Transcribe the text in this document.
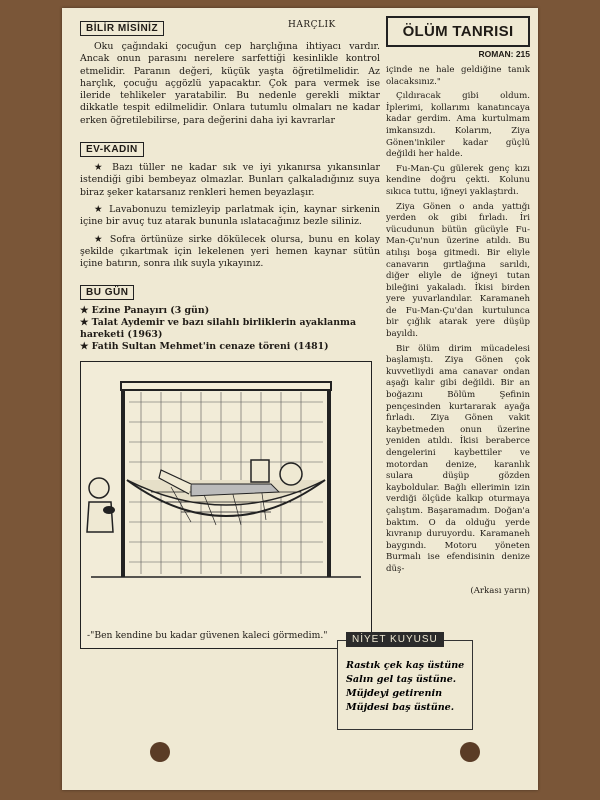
BİLİR MİSİNİZ

Oku çağındaki çocuğun cep harçlığına ihtiyacı vardır. Ancak onun parasını nerelere sarfettiği kesinlikle kontrol etmelidir. Paranın değeri, küçük yaşta öğretilmelidir. Az harçlık, çocuğu açgözlü yapacaktır. Çok para vermek ise ileride tehlikeler yaratabilir. Bu nedenle gerekli miktar dikkatle tespit edilmelidir. Onlara tutumlu olmaları ne kadar erken öğretilebilirse, para değerini daha iyi kavrarlar

EV-KADIN

★ Bazı tüller ne kadar sık ve iyi yıkanırsa yıkansınlar istendiği gibi bembeyaz olmazlar. Bunları çalkaladığınız suya biraz şeker katarsanız renkleri hemen beyazlaşır.

★ Lavabonuzu temizleyip parlatmak için, kaynar sirkenin içine bir avuç tuz atarak bununla ıslatacağınız bezle siliniz.

★ Sofra örtünüze sirke dökülecek olursa, bunu en kolay şekilde çıkartmak için lekelenen yeri hemen kaynar sütün içine batırın, sonra ılık suyla yıkayınız.

BU GÜN

★ Ezine Panayırı (3 gün)

★ Talat Aydemir ve bazı silahlı birliklerin ayaklanma hareketi (1963)

★ Fatih Sultan Mehmet'in cenaze töreni (1481)

-"Ben kendine bu kadar güvenen kaleci görmedim."
HARÇLIK	ÖLÜM TANRISI
ROMAN: 215

içinde ne hale geldiğine tanık olacaksınız."

Çıldıracak gibi oldum. İplerimi, kollarımı kanatıncaya kadar gerdim. Ama kurtulmam imkansızdı. Kolarım, Ziya Gönen'inkiler kadar güçlü değildi her halde.

Fu-Man-Çu gülerek genç kızı kendine doğru çekti. Kolunu sıkıca tuttu, iğneyi yaklaştırdı.

Ziya Gönen o anda yattığı yerden ok gibi fırladı. İri vücudunun bütün gücüyle Fu-Man-Çu'nun üzerine atıldı. Bu atılışı boşa gitmedi. Bir eliyle canavarın gırtlağına sarıldı, diğer eliyle de iğneyi tutan bileğini yakaladı. İkisi birden yere yuvarlandılar. Karamaneh de Fu-Man-Çu'dan kurtulunca bir çığlık atarak yere düşüp bayıldı.

Bir ölüm dirim mücadelesi başlamıştı. Ziya Gönen çok kuvvetliydi ama canavar ondan aşağı kalır gibi değildi. Bir an boğazını Bölüm Şefinin pençesinden kurtararak ayağa fırladı. Ziya Gönen vakit kaybetmeden onun üzerine yeniden atıldı. İkisi beraberce dengelerini kaybettiler ve motordan denize, karanlık sulara düşüp gözden kayboldular. Bağlı ellerimin izin verdiği ölçüde kalkıp oturmaya çalıştım. Başaramadım. Doğan'a baktım. O da olduğu yerde kıvranıp duruyordu. Karamaneh baygındı. Motoru yöneten Burmalı ise efendisinin denize düş-

(Arkası yarın)
NİYET KUYUSU
Rastık çek kaş üstüne
Salın gel taş üstüne.
Müjdeyi getirenin
Müjdesi baş üstüne.
